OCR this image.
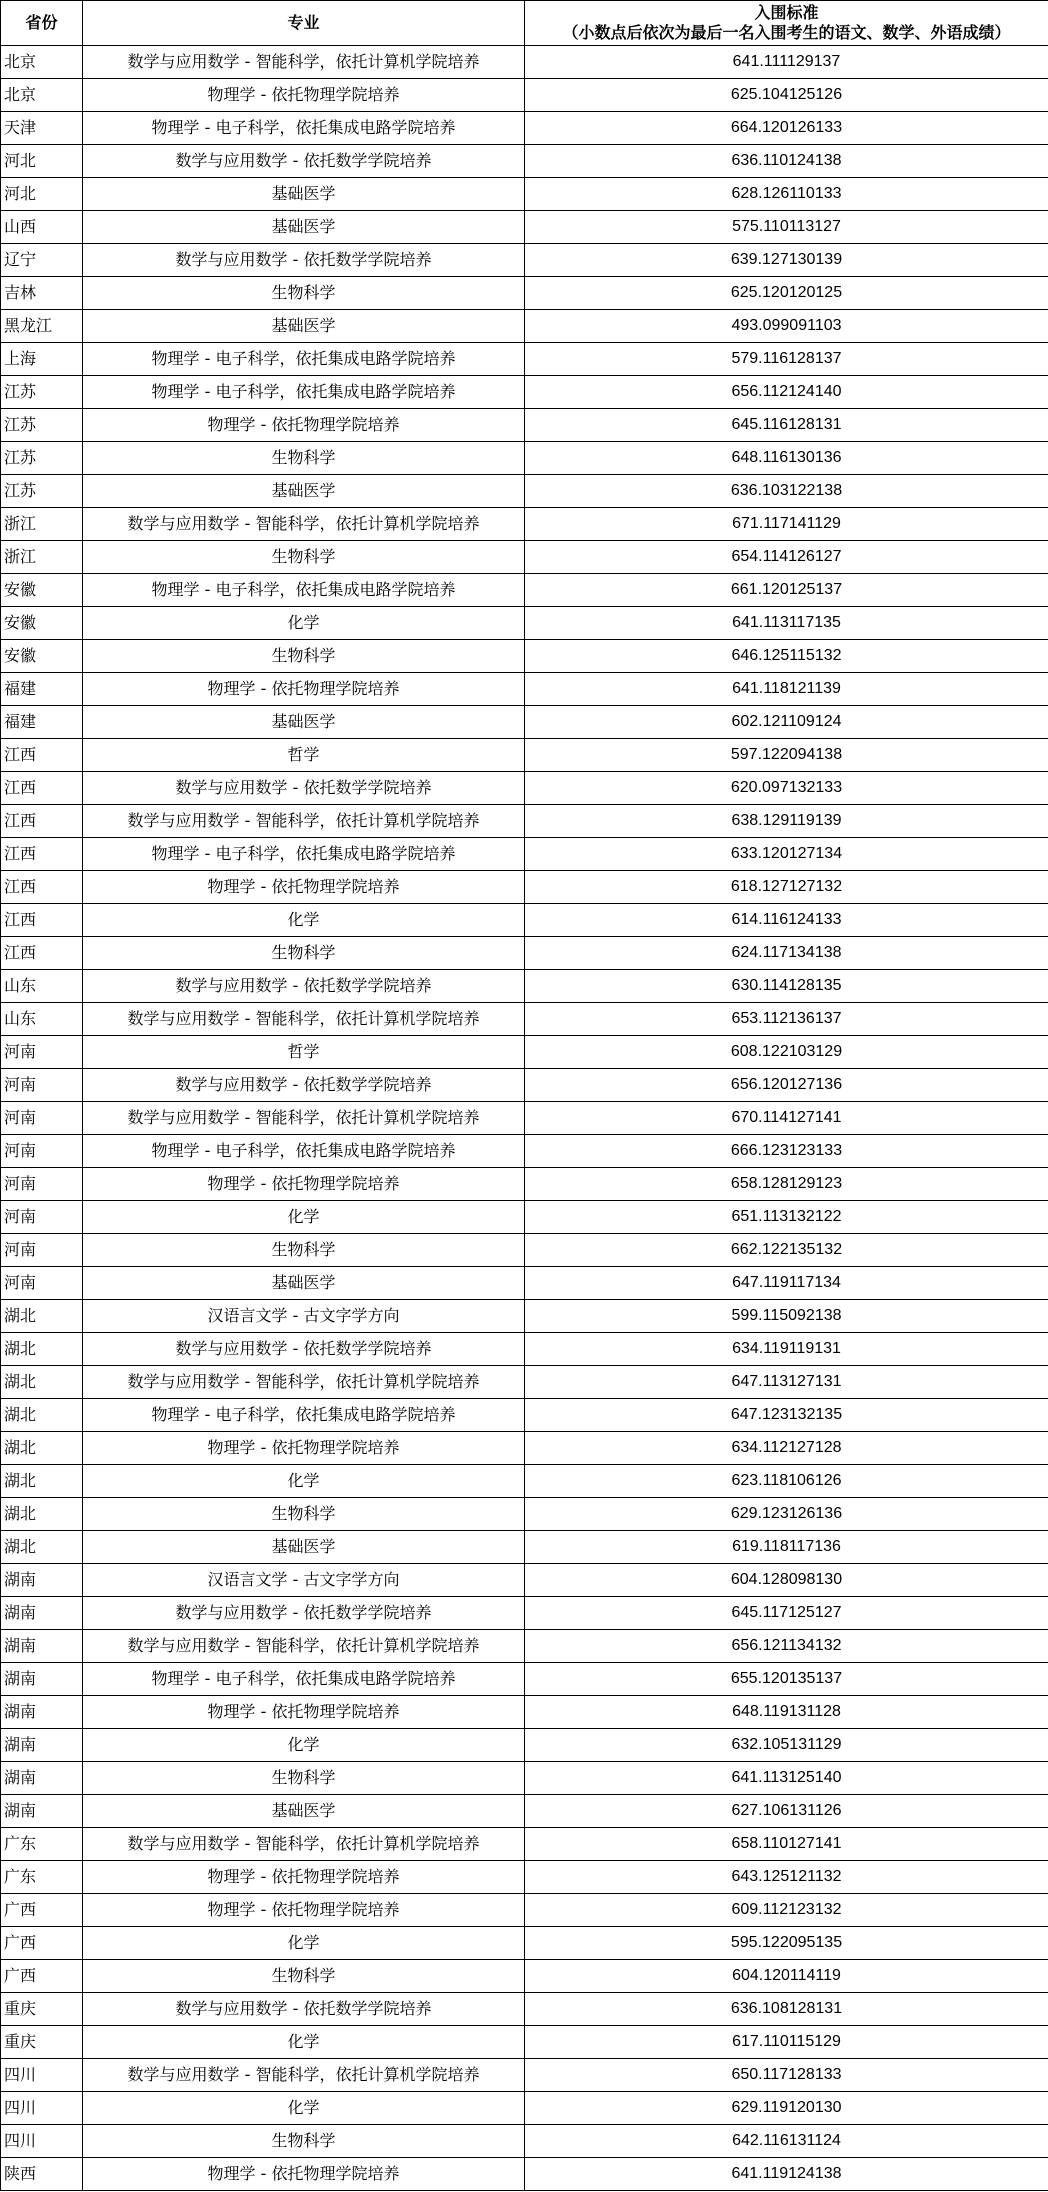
省份	专业	入围标准
（小数点后依次为最后一名入围考生的语文、数学、外语成绩）

北京	数学与应用数学 - 智能科学，依托计算机学院培养	641.111129137
北京	物理学 - 依托物理学院培养	625.104125126
天津	物理学 - 电子科学，依托集成电路学院培养	664.120126133
河北	数学与应用数学 - 依托数学学院培养	636.110124138
河北	基础医学	628.126110133
山西	基础医学	575.110113127
辽宁	数学与应用数学 - 依托数学学院培养	639.127130139
吉林	生物科学	625.120120125
黑龙江	基础医学	493.099091103
上海	物理学 - 电子科学，依托集成电路学院培养	579.116128137
江苏	物理学 - 电子科学，依托集成电路学院培养	656.112124140
江苏	物理学 - 依托物理学院培养	645.116128131
江苏	生物科学	648.116130136
江苏	基础医学	636.103122138
浙江	数学与应用数学 - 智能科学，依托计算机学院培养	671.117141129
浙江	生物科学	654.114126127
安徽	物理学 - 电子科学，依托集成电路学院培养	661.120125137
安徽	化学	641.113117135
安徽	生物科学	646.125115132
福建	物理学 - 依托物理学院培养	641.118121139
福建	基础医学	602.121109124
江西	哲学	597.122094138
江西	数学与应用数学 - 依托数学学院培养	620.097132133
江西	数学与应用数学 - 智能科学，依托计算机学院培养	638.129119139
江西	物理学 - 电子科学，依托集成电路学院培养	633.120127134
江西	物理学 - 依托物理学院培养	618.127127132
江西	化学	614.116124133
江西	生物科学	624.117134138
山东	数学与应用数学 - 依托数学学院培养	630.114128135
山东	数学与应用数学 - 智能科学，依托计算机学院培养	653.112136137
河南	哲学	608.122103129
河南	数学与应用数学 - 依托数学学院培养	656.120127136
河南	数学与应用数学 - 智能科学，依托计算机学院培养	670.114127141
河南	物理学 - 电子科学，依托集成电路学院培养	666.123123133
河南	物理学 - 依托物理学院培养	658.128129123
河南	化学	651.113132122
河南	生物科学	662.122135132
河南	基础医学	647.119117134
湖北	汉语言文学 - 古文字学方向	599.115092138
湖北	数学与应用数学 - 依托数学学院培养	634.119119131
湖北	数学与应用数学 - 智能科学，依托计算机学院培养	647.113127131
湖北	物理学 - 电子科学，依托集成电路学院培养	647.123132135
湖北	物理学 - 依托物理学院培养	634.112127128
湖北	化学	623.118106126
湖北	生物科学	629.123126136
湖北	基础医学	619.118117136
湖南	汉语言文学 - 古文字学方向	604.128098130
湖南	数学与应用数学 - 依托数学学院培养	645.117125127
湖南	数学与应用数学 - 智能科学，依托计算机学院培养	656.121134132
湖南	物理学 - 电子科学，依托集成电路学院培养	655.120135137
湖南	物理学 - 依托物理学院培养	648.119131128
湖南	化学	632.105131129
湖南	生物科学	641.113125140
湖南	基础医学	627.106131126
广东	数学与应用数学 - 智能科学，依托计算机学院培养	658.110127141
广东	物理学 - 依托物理学院培养	643.125121132
广西	物理学 - 依托物理学院培养	609.112123132
广西	化学	595.122095135
广西	生物科学	604.120114119
重庆	数学与应用数学 - 依托数学学院培养	636.108128131
重庆	化学	617.110115129
四川	数学与应用数学 - 智能科学，依托计算机学院培养	650.117128133
四川	化学	629.119120130
四川	生物科学	642.116131124
陕西	物理学 - 依托物理学院培养	641.119124138
